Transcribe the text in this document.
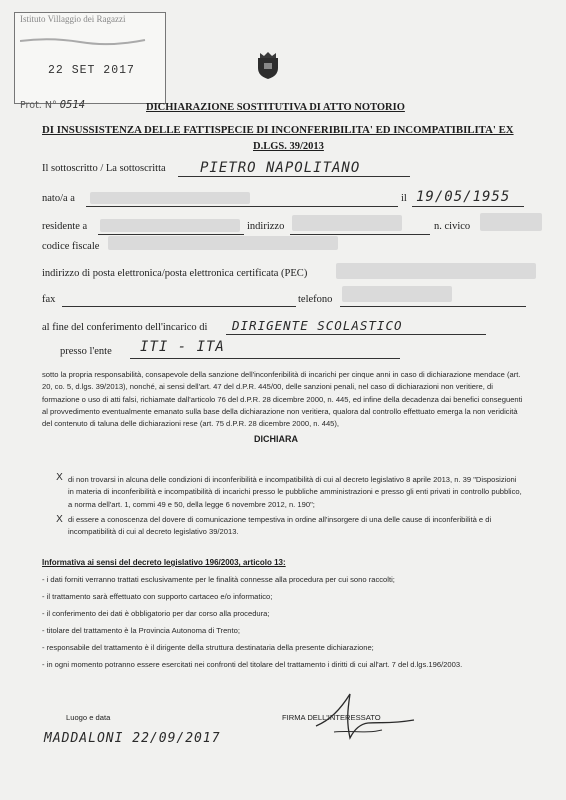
Istituto Villaggio dei Ragazzi
22 SET 2017
Prot. N° 0514	DICHIARAZIONE SOSTITUTIVA DI ATTO NOTORIO
DI INSUSSISTENZA DELLE FATTISPECIE DI INCONFERIBILITA' ED INCOMPATIBILITA' EX
D.LGS. 39/2013
Il sottoscritto / La sottoscritta PIETRO NAPOLITANO
nato/a a	il 19/05/1955
residente a	indirizzo	n. civico
codice fiscale
indirizzo di posta elettronica/posta elettronica certificata (PEC)
fax	telefono
al fine del conferimento dell'incarico di DIRIGENTE SCOLASTICO
presso l'ente ITI - ITA
sotto la propria responsabilità, consapevole della sanzione dell'inconferibilità di incarichi per cinque anni in caso di dichiarazione mendace (art. 20, co. 5, d.lgs. 39/2013), nonché, ai sensi dell'art. 47 del d.P.R. 445/00, delle sanzioni penali, nel caso di dichiarazioni non veritiere, di formazione o uso di atti falsi, richiamate dall'articolo 76 del d.P.R. 28 dicembre 2000, n. 445, ed infine della decadenza dai benefici conseguenti al provvedimento eventualmente emanato sulla base della dichiarazione non veritiera, qualora dal controllo effettuato emerga la non veridicità del contenuto di taluna delle dichiarazioni rese (art. 75 d.P.R. 28 dicembre 2000, n. 445),
DICHIARA
X di non trovarsi in alcuna delle condizioni di inconferibilità e incompatibilità di cui al decreto legislativo 8 aprile 2013, n. 39 "Disposizioni in materia di inconferibilità e incompatibilità di incarichi presso le pubbliche amministrazioni e presso gli enti privati in controllo pubblico, a norma dell'art. 1, commi 49 e 50, della legge 6 novembre 2012, n. 190";
X di essere a conoscenza del dovere di comunicazione tempestiva in ordine all'insorgere di una delle cause di inconferibilità e di incompatibilità di cui al decreto legislativo 39/2013.
Informativa ai sensi del decreto legislativo 196/2003, articolo 13:
- i dati forniti verranno trattati esclusivamente per le finalità connesse alla procedura per cui sono raccolti;
- il trattamento sarà effettuato con supporto cartaceo e/o informatico;
- il conferimento dei dati è obbligatorio per dar corso alla procedura;
- titolare del trattamento è la Provincia Autonoma di Trento;
- responsabile del trattamento è il dirigente della struttura destinataria della presente dichiarazione;
- in ogni momento potranno essere esercitati nei confronti del titolare del trattamento i diritti di cui all'art. 7 del d.lgs.196/2003.
Luogo e data
MADDALONI 22/09/2017
FIRMA DELL'INTERESSATO
